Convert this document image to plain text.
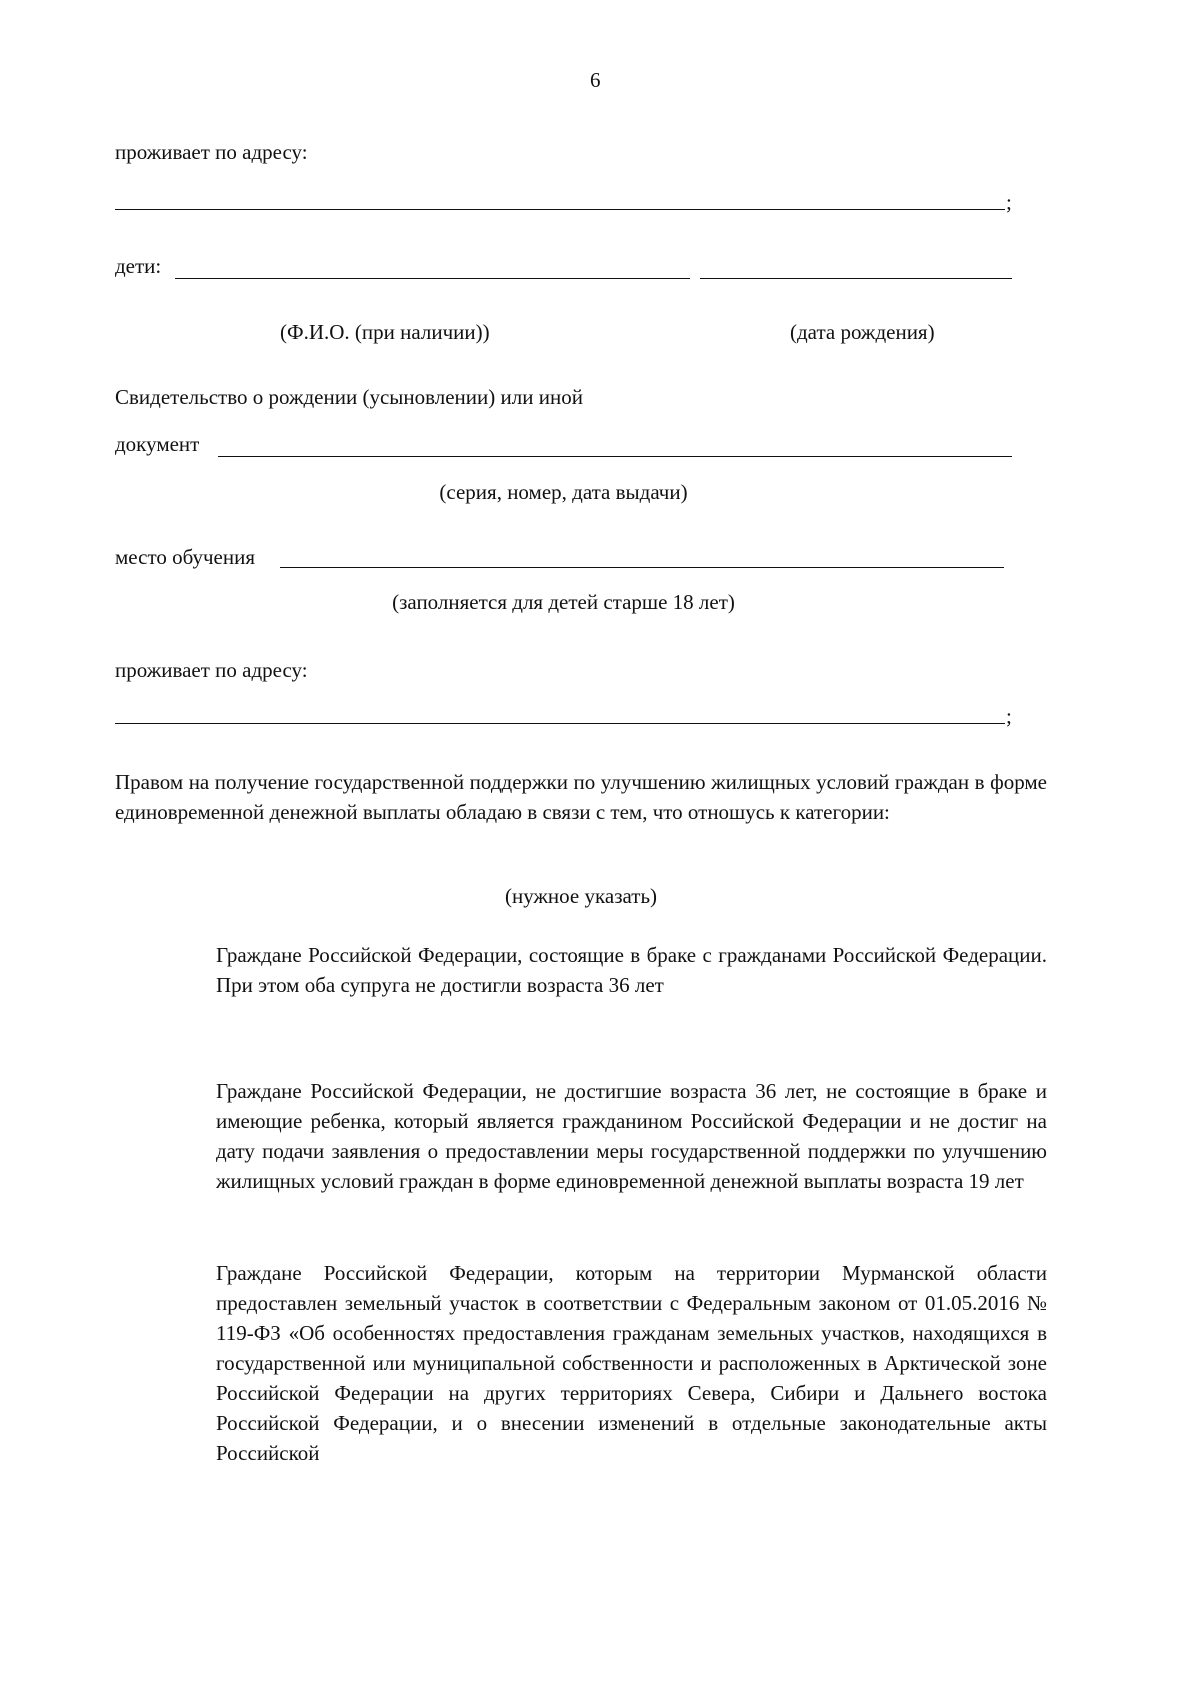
6
проживает по адресу:
;
дети:
(Ф.И.О. (при наличии))	(дата рождения)
Свидетельство о рождении (усыновлении) или иной
документ
(серия, номер, дата выдачи)
место обучения
(заполняется для детей старше 18 лет)
проживает по адресу:
;
Правом на получение государственной поддержки по улучшению жилищных условий граждан в форме единовременной денежной выплаты обладаю в связи с тем, что отношусь к категории:
(нужное указать)
Граждане Российской Федерации, состоящие в браке с гражданами Российской Федерации. При этом оба супруга не достигли возраста 36 лет
Граждане Российской Федерации, не достигшие возраста 36 лет, не состоящие в браке и имеющие ребенка, который является гражданином Российской Федерации и не достиг на дату подачи заявления о предоставлении меры государственной поддержки по улучшению жилищных условий граждан в форме единовременной денежной выплаты возраста 19 лет
Граждане Российской Федерации, которым на территории Мурманской области предоставлен земельный участок в соответствии с Федеральным законом от 01.05.2016 № 119-ФЗ «Об особенностях предоставления гражданам земельных участков, находящихся в государственной или муниципальной собственности и расположенных в Арктической зоне Российской Федерации на других территориях Севера, Сибири и Дальнего востока Российской Федерации, и о внесении изменений в отдельные законодательные акты Российской
